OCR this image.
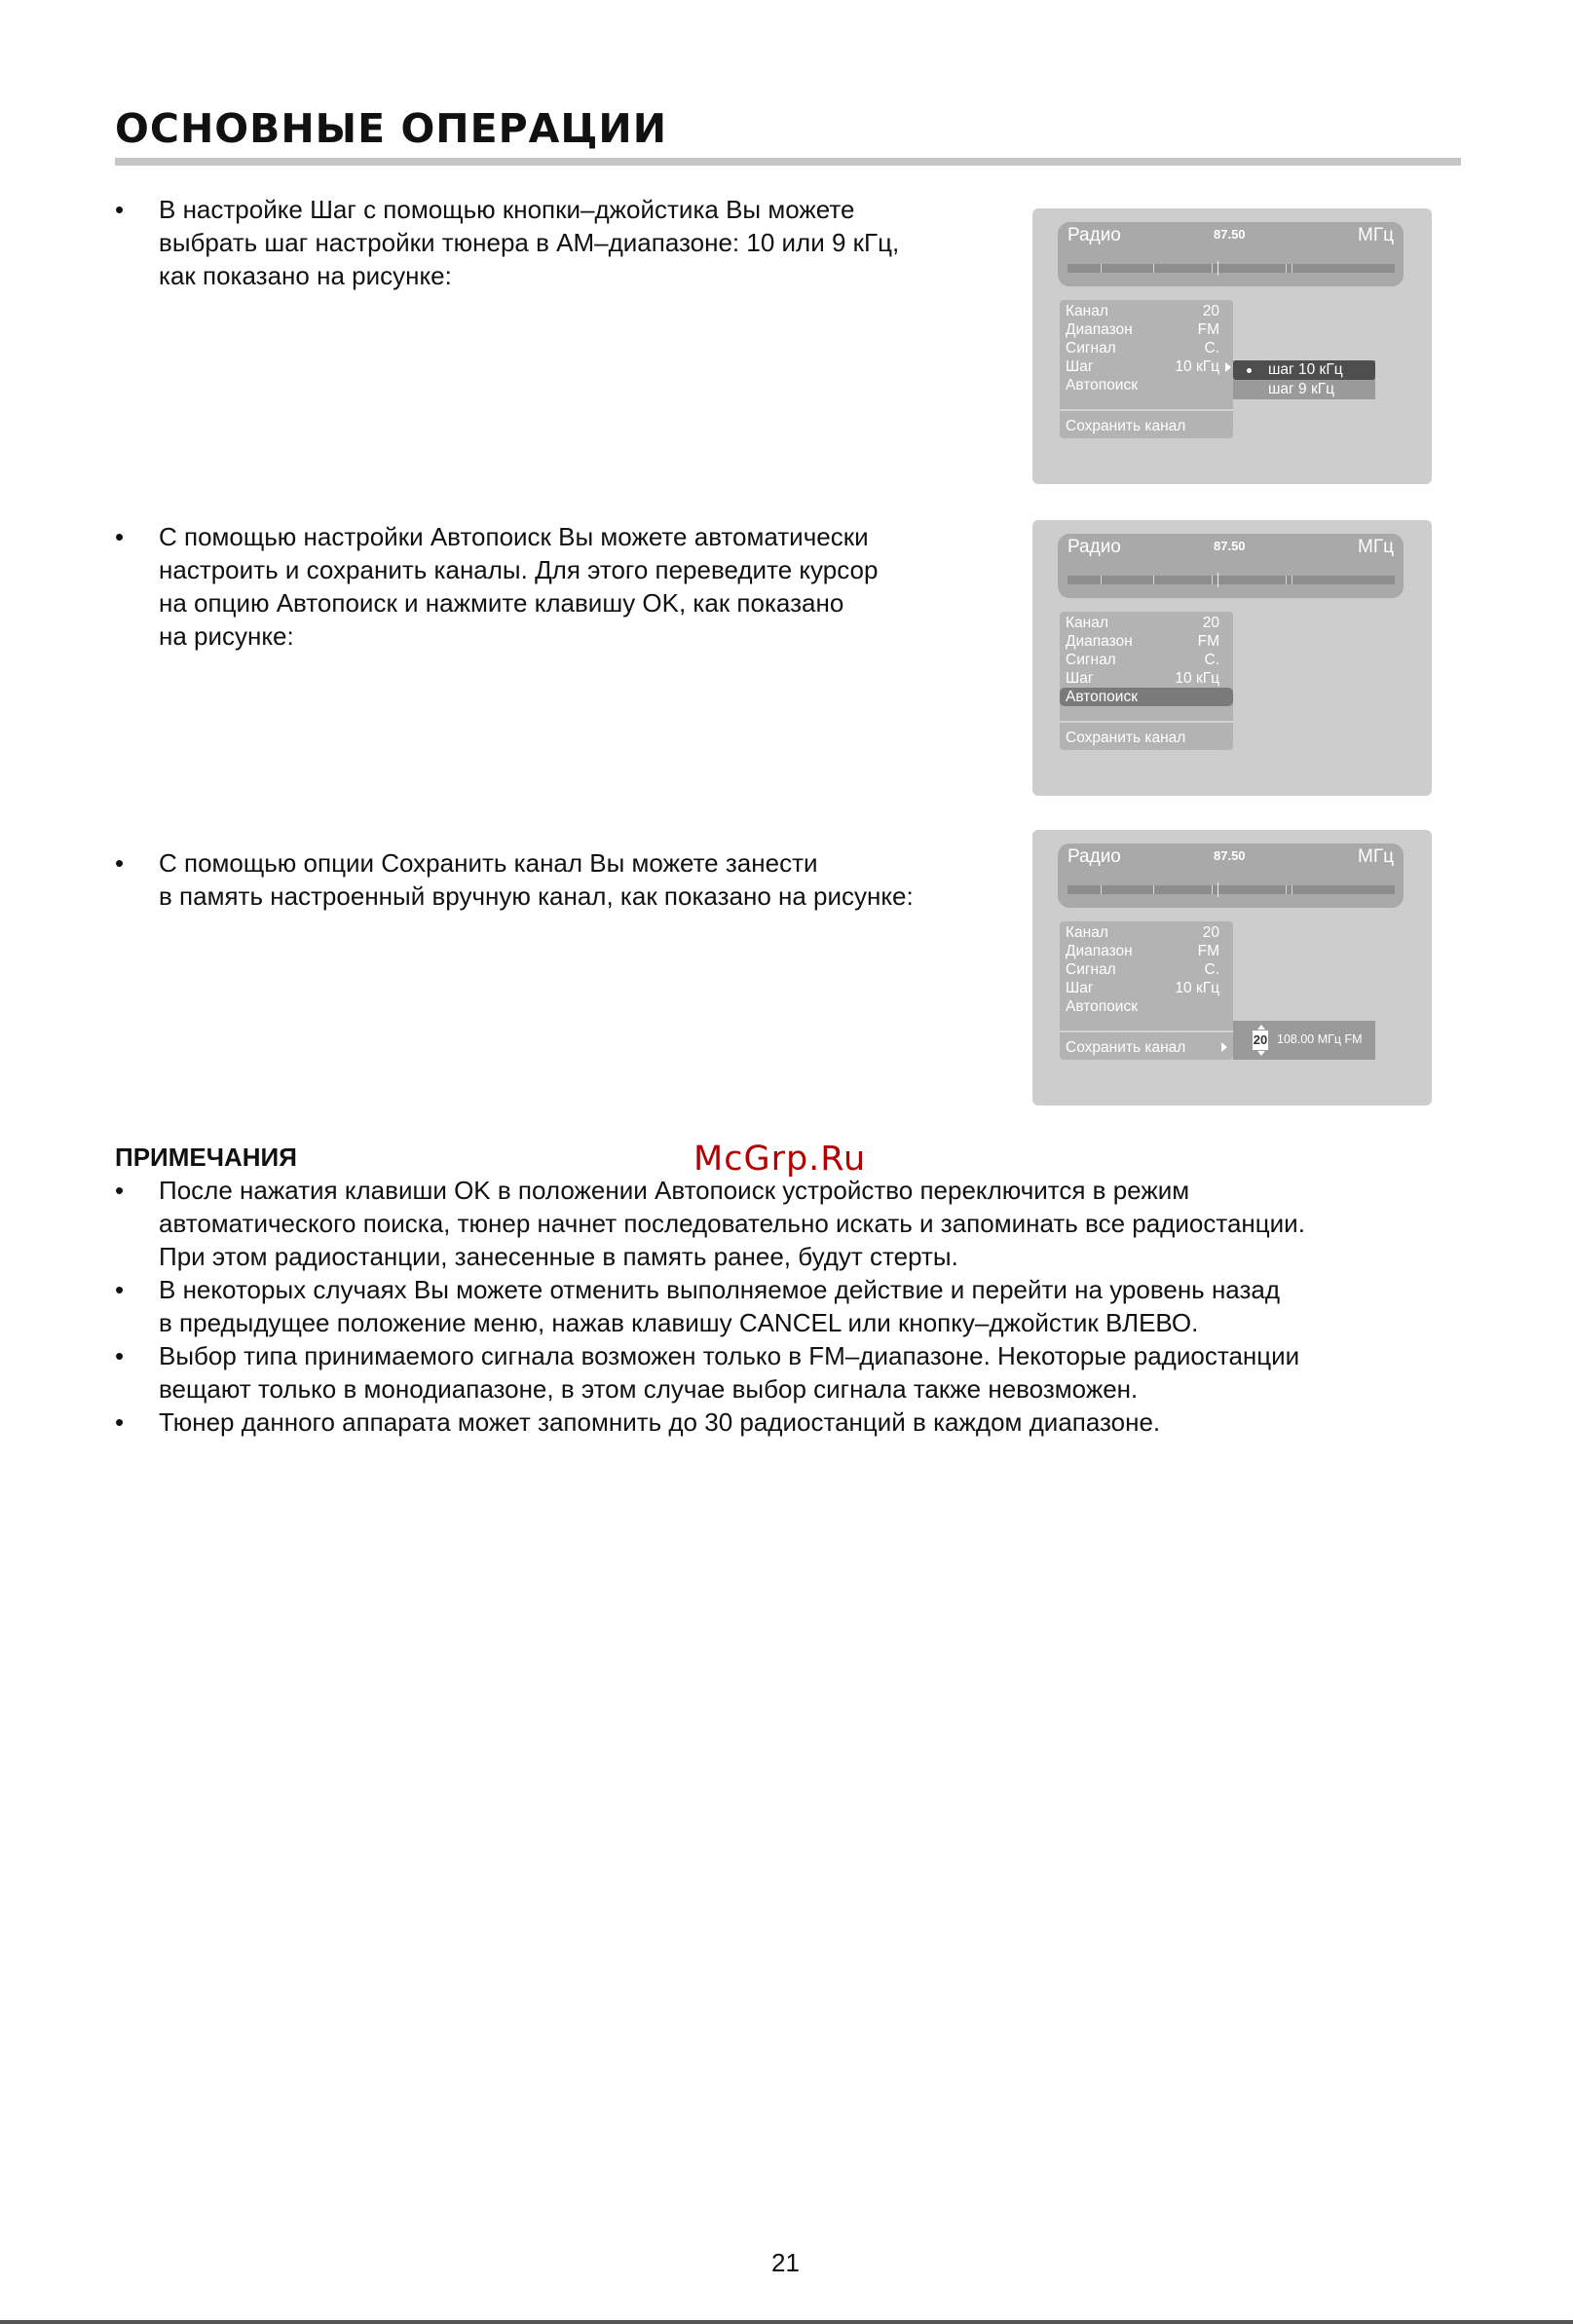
ОСНОВНЫЕ ОПЕРАЦИИ
• В настройке Шаг с помощью кнопки–джойстика Вы можете
выбрать шаг настройки тюнера в АМ–диапазоне: 10 или 9 кГц,
как показано на рисунке:
Радио	87.50	МГц
Канал	20
Диапазон	FM
Сигнал	С.
Шаг	10 кГц
Автопоиск
Сохранить канал
шаг 10 кГц
шаг 9 кГц
• С помощью настройки Автопоиск Вы можете автоматически
настроить и сохранить каналы. Для этого переведите курсор
на опцию Автопоиск и нажмите клавишу OK, как показано
на рисунке:
Радио	87.50	МГц
Канал	20
Диапазон	FM
Сигнал	С.
Шаг	10 кГц
Автопоиск
Сохранить канал
• С помощью опции Сохранить канал Вы можете занести
в память настроенный вручную канал, как показано на рисунке:
Радио	87.50	МГц
Канал	20
Диапазон	FM
Сигнал	С.
Шаг	10 кГц
Автопоиск
Сохранить канал	20 108.00 МГц FM
ПРИМЕЧАНИЯ	McGrp.Ru
• После нажатия клавиши OK в положении Автопоиск устройство переключится в режим
автоматического поиска, тюнер начнет последовательно искать и запоминать все радиостанции.
При этом радиостанции, занесенные в память ранее, будут стерты.
• В некоторых случаях Вы можете отменить выполняемое действие и перейти на уровень назад
в предыдущее положение меню, нажав клавишу CANCEL или кнопку–джойстик ВЛЕВО.
• Выбор типа принимаемого сигнала возможен только в FM–диапазоне. Некоторые радиостанции
вещают только в монодиапазоне, в этом случае выбор сигнала также невозможен.
• Тюнер данного аппарата может запомнить до 30 радиостанций в каждом диапазоне.
21
